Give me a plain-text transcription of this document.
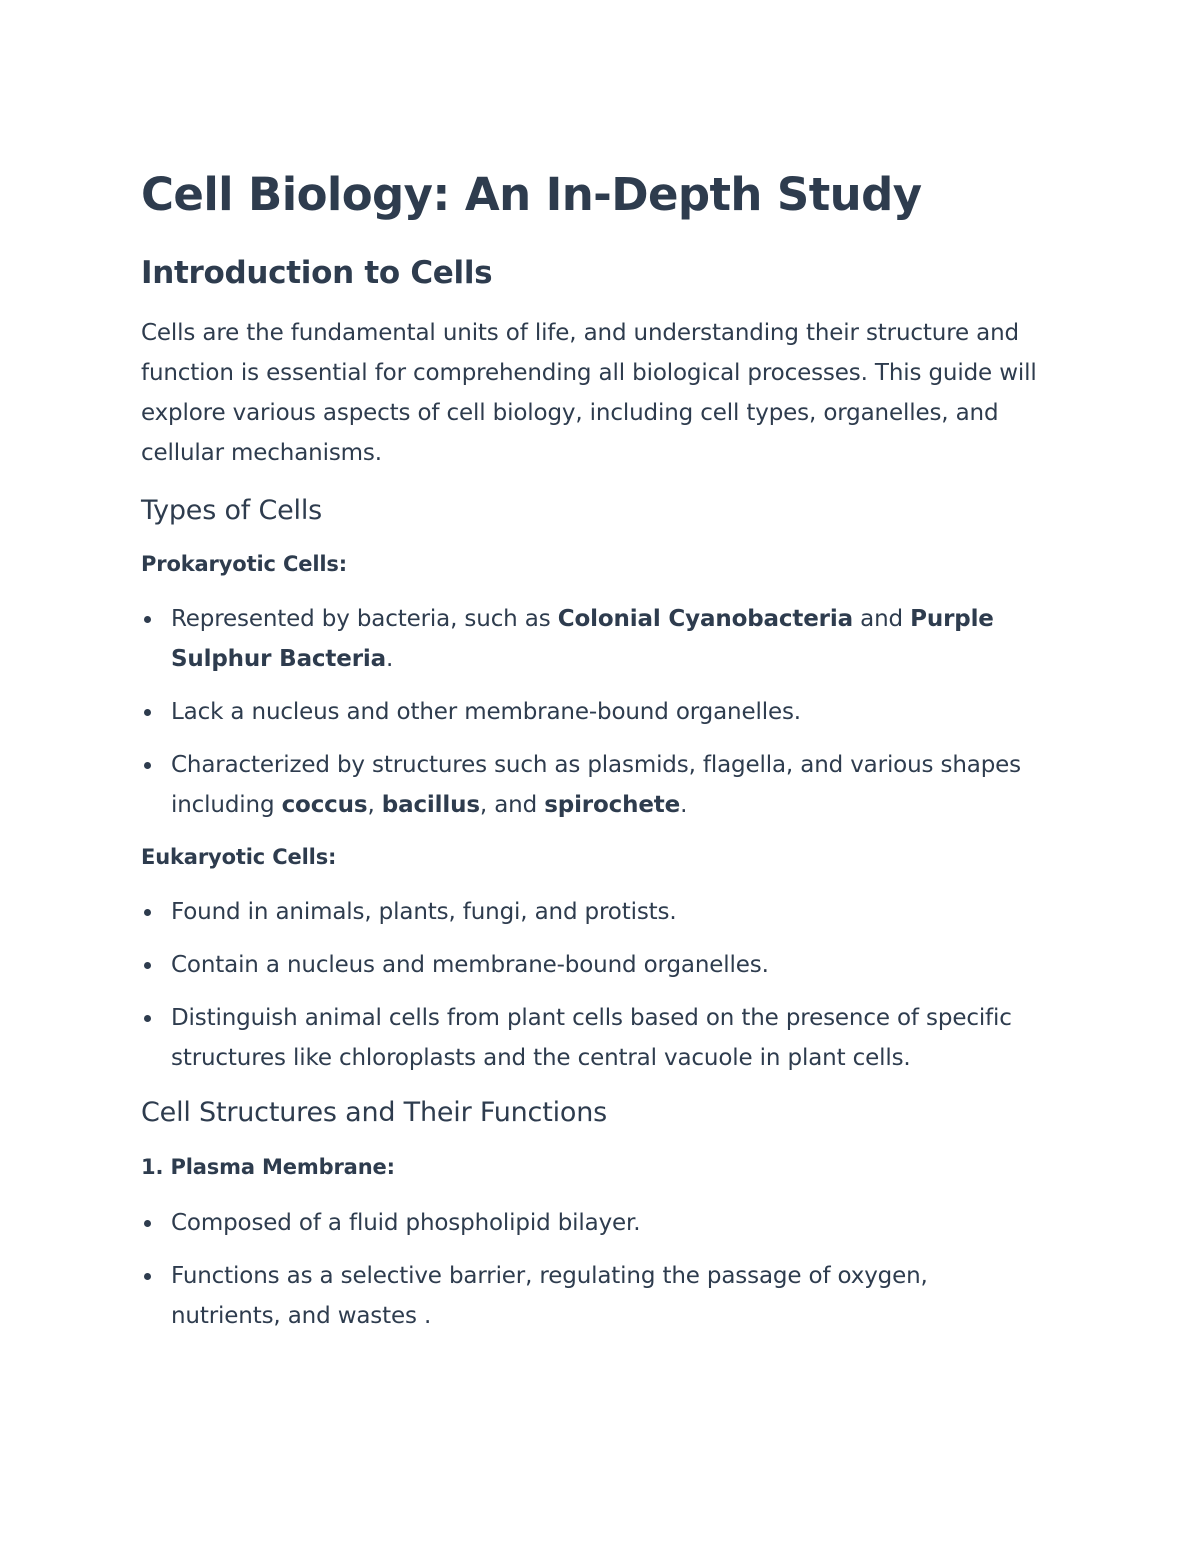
Cell Biology: An In-Depth Study
Introduction to Cells

Cells are the fundamental units of life, and understanding their structure and function is essential for comprehending all biological processes. This guide will explore various aspects of cell biology, including cell types, organelles, and cellular mechanisms.

Types of Cells

Prokaryotic Cells:

Represented by bacteria, such as Colonial Cyanobacteria and Purple Sulphur Bacteria.
Lack a nucleus and other membrane-bound organelles.
Characterized by structures such as plasmids, flagella, and various shapes including coccus, bacillus, and spirochete.

Eukaryotic Cells:

Found in animals, plants, fungi, and protists.
Contain a nucleus and membrane-bound organelles.
Distinguish animal cells from plant cells based on the presence of specific structures like chloroplasts and the central vacuole in plant cells.
Cell Structures and Their Functions

1. Plasma Membrane:

Composed of a fluid phospholipid bilayer.
Functions as a selective barrier, regulating the passage of oxygen, nutrients, and wastes .
